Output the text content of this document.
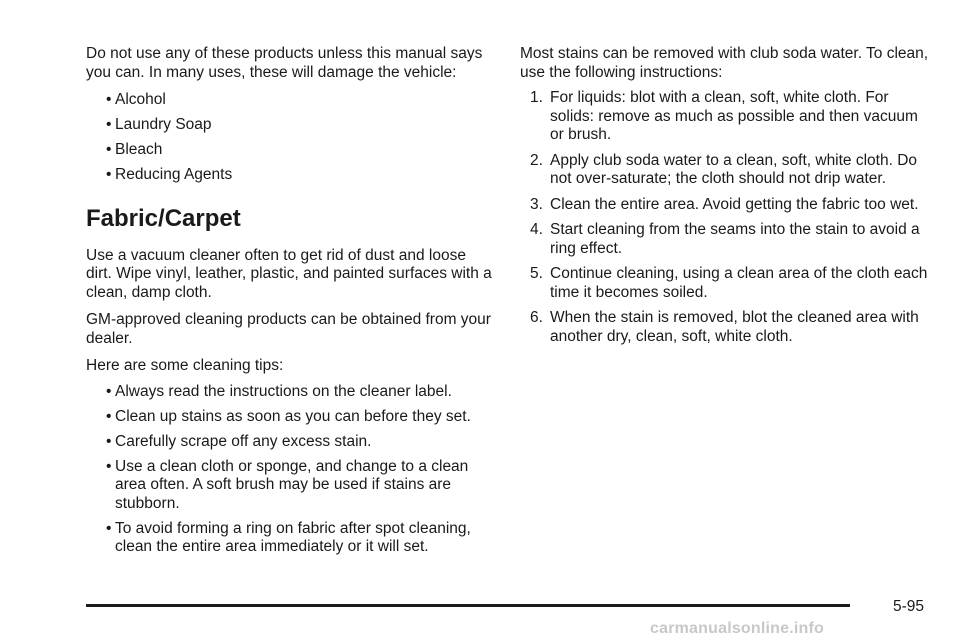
Do not use any of these products unless this manual says you can. In many uses, these will damage the vehicle:

• Alcohol
• Laundry Soap
• Bleach
• Reducing Agents
Fabric/Carpet

Use a vacuum cleaner often to get rid of dust and loose dirt. Wipe vinyl, leather, plastic, and painted surfaces with a clean, damp cloth.

GM-approved cleaning products can be obtained from your dealer.

Here are some cleaning tips:

• Always read the instructions on the cleaner label.
• Clean up stains as soon as you can before they set.
• Carefully scrape off any excess stain.
• Use a clean cloth or sponge, and change to a clean area often. A soft brush may be used if stains are stubborn.
• To avoid forming a ring on fabric after spot cleaning, clean the entire area immediately or it will set.

Most stains can be removed with club soda water. To clean, use the following instructions:

1. For liquids: blot with a clean, soft, white cloth. For solids: remove as much as possible and then vacuum or brush.
2. Apply club soda water to a clean, soft, white cloth. Do not over-saturate; the cloth should not drip water.
3. Clean the entire area. Avoid getting the fabric too wet.
4. Start cleaning from the seams into the stain to avoid a ring effect.
5. Continue cleaning, using a clean area of the cloth each time it becomes soiled.
6. When the stain is removed, blot the cleaned area with another dry, clean, soft, white cloth.
5-95
carmanualsonline.info
